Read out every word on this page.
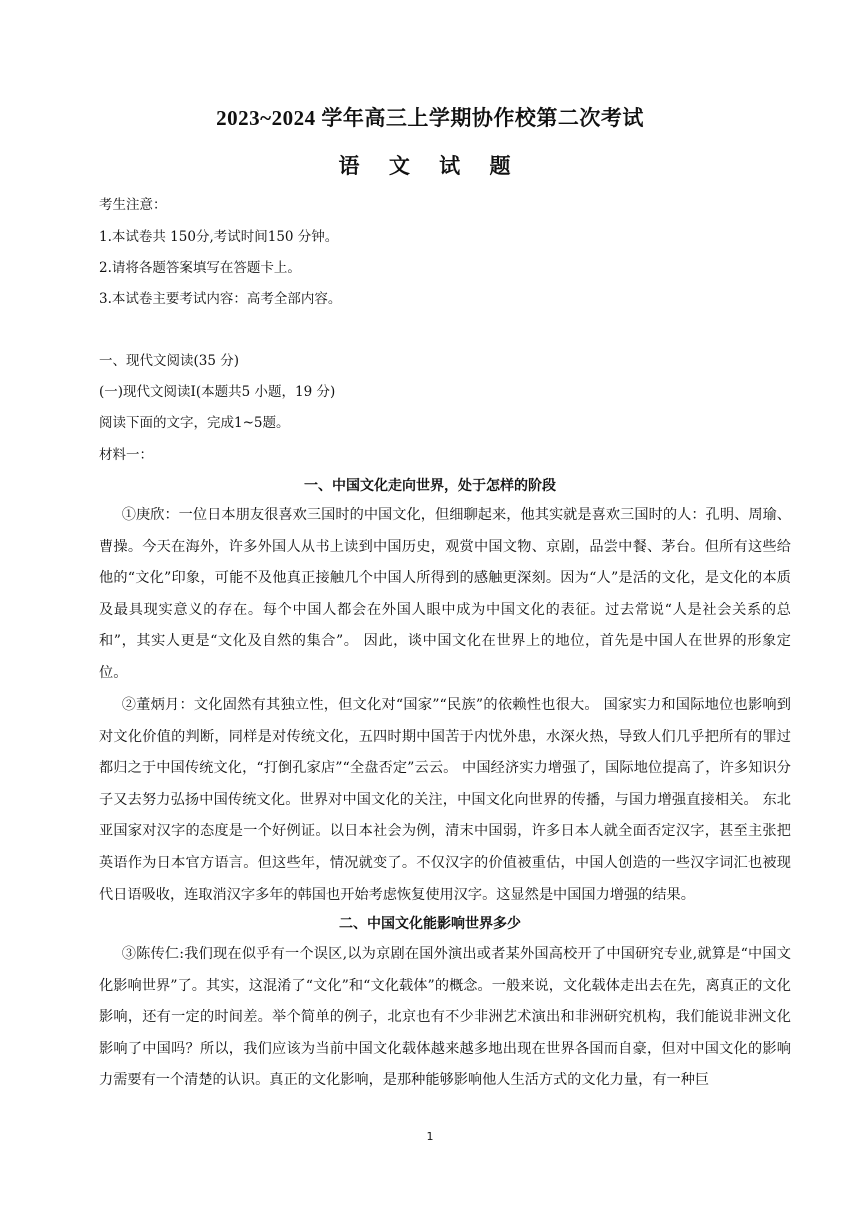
2023~2024 学年高三上学期协作校第二次考试
语 文 试 题
考生注意：
1.本试卷共 150分,考试时间150 分钟。
2.请将各题答案填写在答题卡上。
3.本试卷主要考试内容：高考全部内容。
一、现代文阅读(35 分)
(一)现代文阅读Ⅰ(本题共5 小题，19 分)
阅读下面的文字，完成1~5题。
材料一：
一、中国文化走向世界，处于怎样的阶段
①庚欣：一位日本朋友很喜欢三国时的中国文化，但细聊起来，他其实就是喜欢三国时的人：孔明、周瑜、曹操。今天在海外，许多外国人从书上读到中国历史，观赏中国文物、京剧，品尝中餐、茅台。但所有这些给他的“文化”印象，可能不及他真正接触几个中国人所得到的感触更深刻。因为“人”是活的文化，是文化的本质及最具现实意义的存在。每个中国人都会在外国人眼中成为中国文化的表征。过去常说“人是社会关系的总和”，其实人更是“文化及自然的集合”。 因此，谈中国文化在世界上的地位，首先是中国人在世界的形象定位。
②董炳月：文化固然有其独立性，但文化对“国家”“民族”的依赖性也很大。 国家实力和国际地位也影响到对文化价值的判断，同样是对传统文化，五四时期中国苦于内忧外患，水深火热，导致人们几乎把所有的罪过都归之于中国传统文化，“打倒孔家店”“全盘否定”云云。 中国经济实力增强了，国际地位提高了，许多知识分子又去努力弘扬中国传统文化。世界对中国文化的关注，中国文化向世界的传播，与国力增强直接相关。 东北亚国家对汉字的态度是一个好例证。以日本社会为例，清末中国弱，许多日本人就全面否定汉字，甚至主张把英语作为日本官方语言。但这些年，情况就变了。不仅汉字的价值被重估，中国人创造的一些汉字词汇也被现代日语吸收，连取消汉字多年的韩国也开始考虑恢复使用汉字。这显然是中国国力增强的结果。
二、中国文化能影响世界多少
③陈传仁:我们现在似乎有一个误区,以为京剧在国外演出或者某外国高校开了中国研究专业,就算是“中国文化影响世界”了。其实，这混淆了“文化”和“文化载体”的概念。一般来说，文化载体走出去在先，离真正的文化影响，还有一定的时间差。举个简单的例子，北京也有不少非洲艺术演出和非洲研究机构，我们能说非洲文化影响了中国吗？所以，我们应该为当前中国文化载体越来越多地出现在世界各国而自豪，但对中国文化的影响力需要有一个清楚的认识。真正的文化影响，是那种能够影响他人生活方式的文化力量，有一种巨
1
